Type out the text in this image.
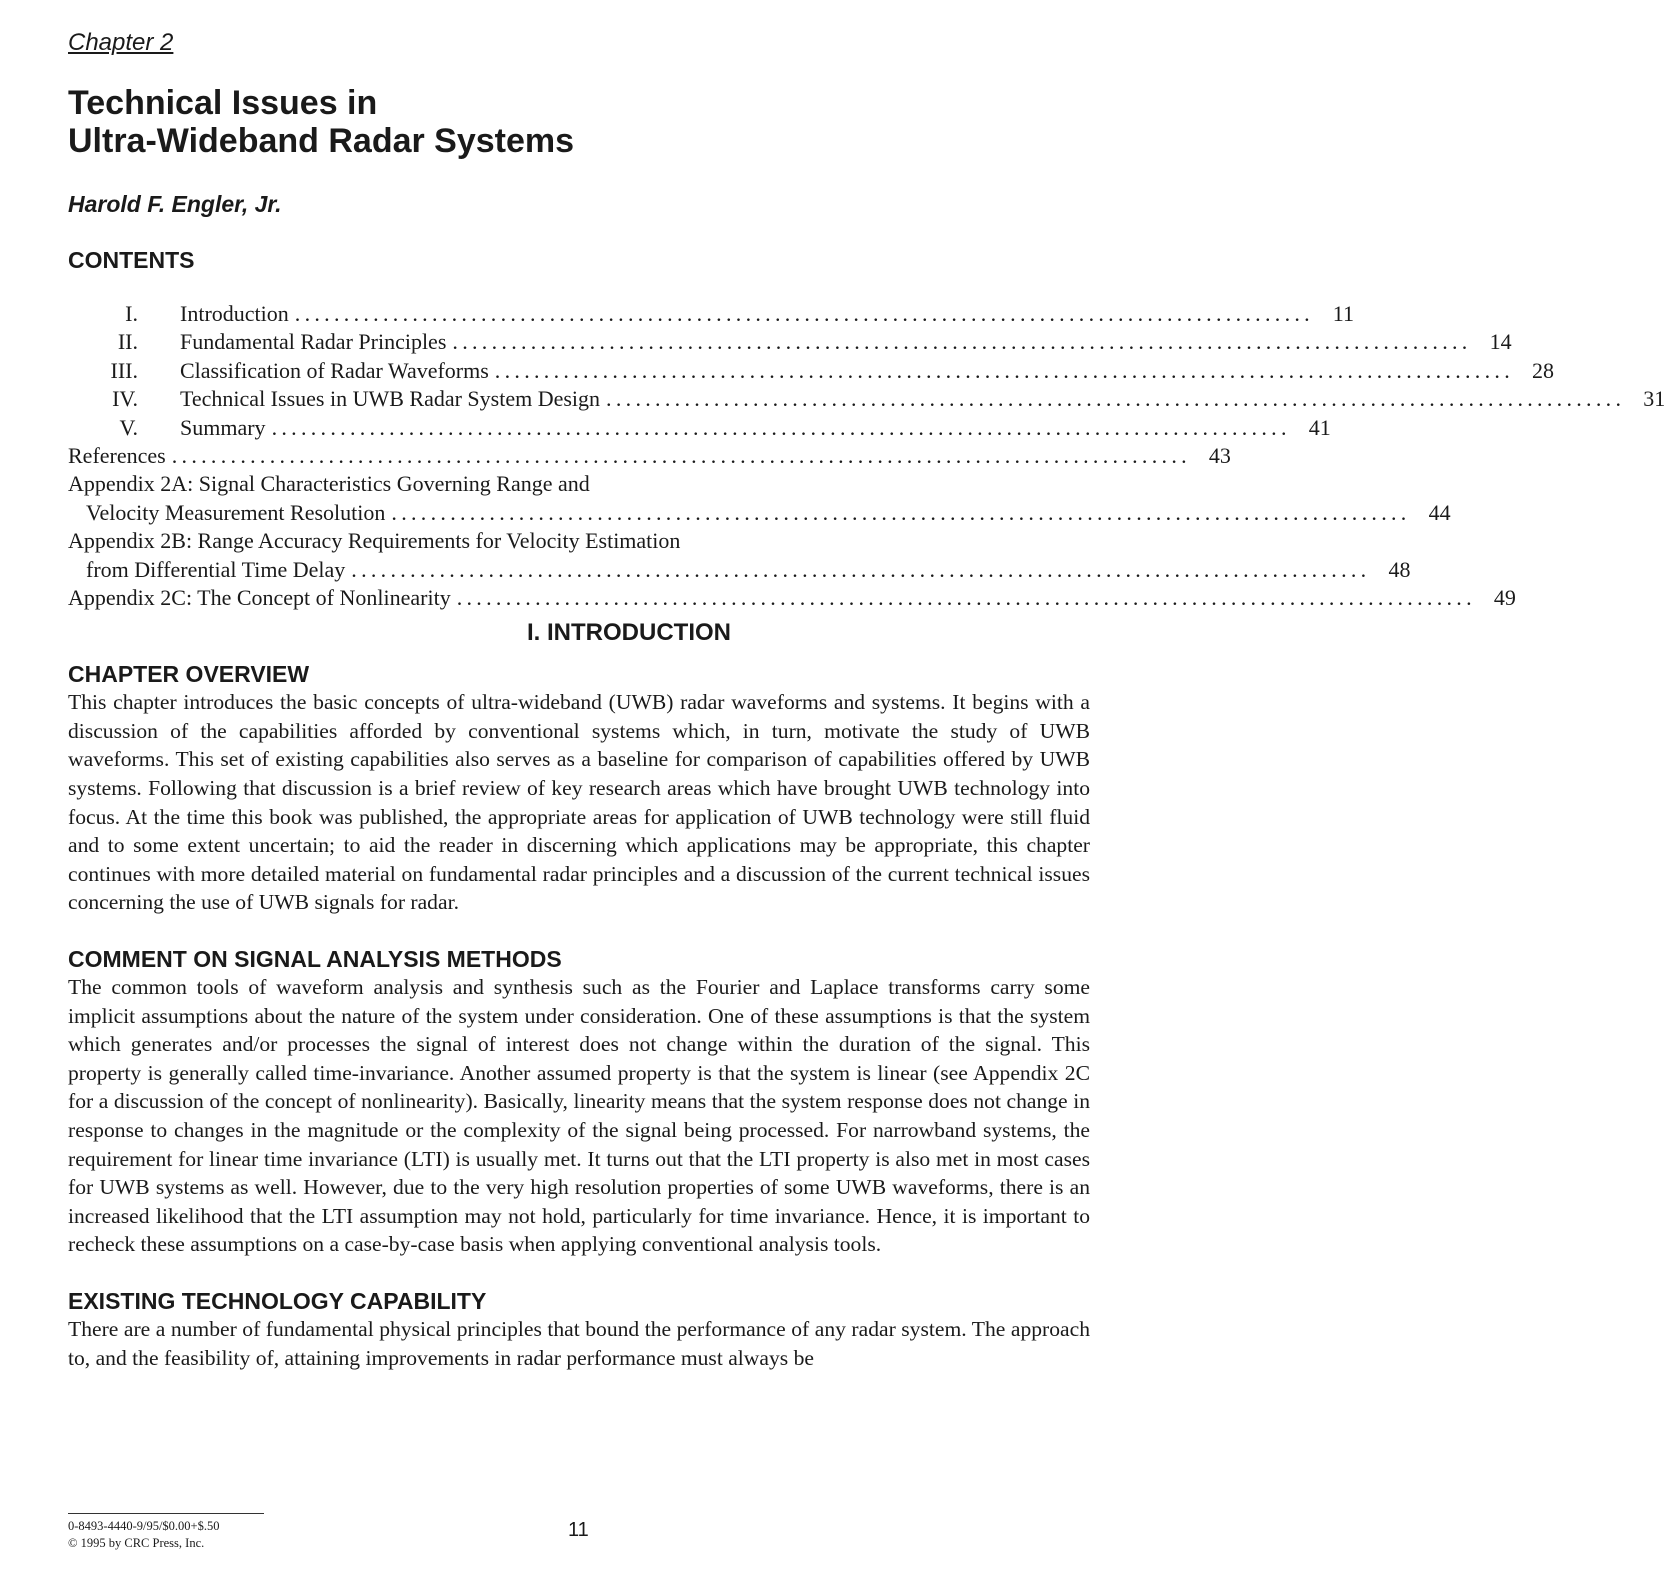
Chapter 2

Technical Issues in
Ultra-Wideband Radar Systems

Harold F. Engler, Jr.

CONTENTS
I.	Introduction ........................................................................................................ 11
II.	Fundamental Radar Principles ........................................................................................................ 14
III.	Classification of Radar Waveforms ........................................................................................................ 28
IV.	Technical Issues in UWB Radar System Design ........................................................................................................ 31
V.	Summary ........................................................................................................ 41
References ........................................................................................................ 43
Appendix 2A: Signal Characteristics Governing Range and
Velocity Measurement Resolution ........................................................................................................ 44
Appendix 2B: Range Accuracy Requirements for Velocity Estimation
from Differential Time Delay ........................................................................................................ 48
Appendix 2C: The Concept of Nonlinearity ........................................................................................................ 49
I. INTRODUCTION
CHAPTER OVERVIEW

This chapter introduces the basic concepts of ultra-wideband (UWB) radar waveforms and systems. It begins with a discussion of the capabilities afforded by conventional systems which, in turn, motivate the study of UWB waveforms. This set of existing capabilities also serves as a baseline for comparison of capabilities offered by UWB systems. Following that discussion is a brief review of key research areas which have brought UWB technology into focus. At the time this book was published, the appropriate areas for application of UWB technology were still fluid and to some extent uncertain; to aid the reader in discerning which applications may be appropriate, this chapter continues with more detailed material on fundamental radar principles and a discussion of the current technical issues concerning the use of UWB signals for radar.

COMMENT ON SIGNAL ANALYSIS METHODS

The common tools of waveform analysis and synthesis such as the Fourier and Laplace transforms carry some implicit assumptions about the nature of the system under consideration. One of these assumptions is that the system which generates and/or processes the signal of interest does not change within the duration of the signal. This property is generally called time-invariance. Another assumed property is that the system is linear (see Appendix 2C for a discussion of the concept of nonlinearity). Basically, linearity means that the system response does not change in response to changes in the magnitude or the complexity of the signal being processed. For narrowband systems, the requirement for linear time invariance (LTI) is usually met. It turns out that the LTI property is also met in most cases for UWB systems as well. However, due to the very high resolution properties of some UWB waveforms, there is an increased likelihood that the LTI assumption may not hold, particularly for time invariance. Hence, it is important to recheck these assumptions on a case-by-case basis when applying conventional analysis tools.

EXISTING TECHNOLOGY CAPABILITY

There are a number of fundamental physical principles that bound the performance of any radar system. The approach to, and the feasibility of, attaining improvements in radar performance must always be

0-8493-4440-9/95/$0.00+$.50
© 1995 by CRC Press, Inc.
11
